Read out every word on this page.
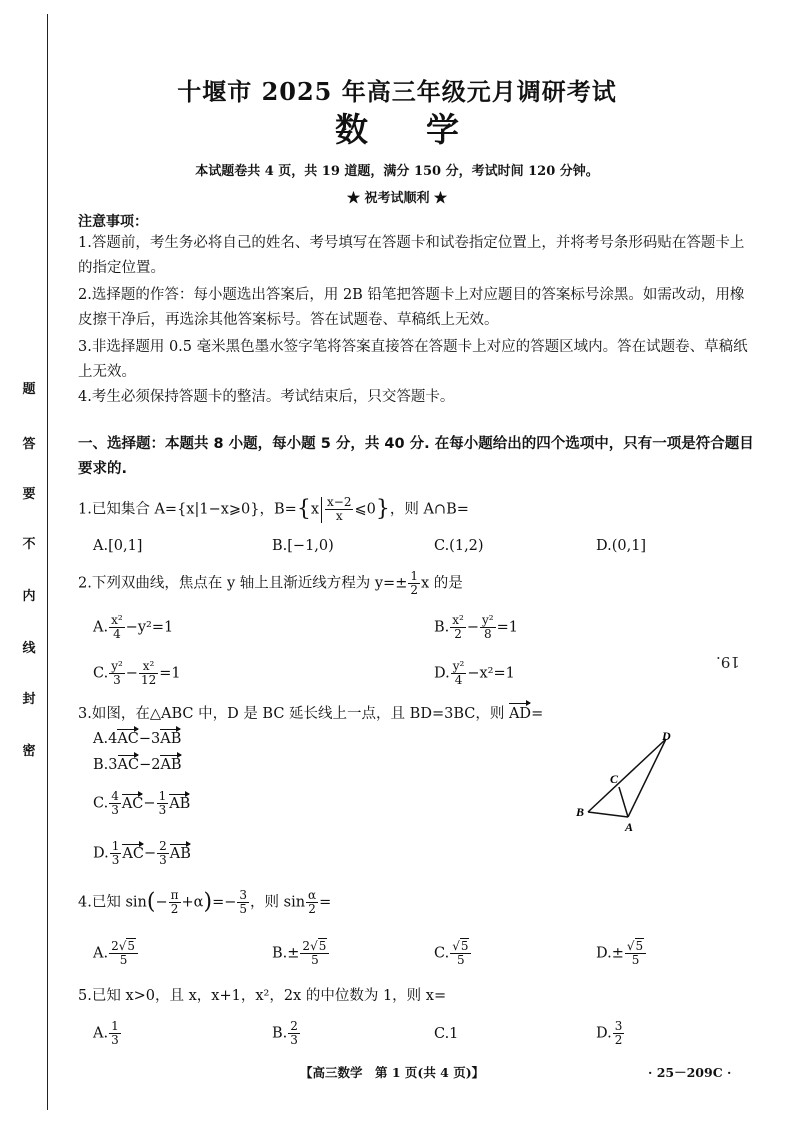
题
答
要
不
内
线
封
密
十堰市 2025 年高三年级元月调研考试
数学
本试题卷共 4 页，共 19 道题，满分 150 分，考试时间 120 分钟。
★ 祝考试顺利 ★
注意事项：
1.答题前，考生务必将自己的姓名、考号填写在答题卡和试卷指定位置上，并将考号条形码贴在答题卡上的指定位置。
2.选择题的作答：每小题选出答案后，用 2B 铅笔把答题卡上对应题目的答案标号涂黑。如需改动，用橡皮擦干净后，再选涂其他答案标号。答在试题卷、草稿纸上无效。
3.非选择题用 0.5 毫米黑色墨水签字笔将答案直接答在答题卡上对应的答题区域内。答在试题卷、草稿纸上无效。
4.考生必须保持答题卡的整洁。考试结束后，只交答题卡。
一、选择题：本题共 8 小题，每小题 5 分，共 40 分. 在每小题给出的四个选项中，只有一项是符合题目要求的.
1.已知集合 A={x|1−x⩾0}，$B=\{x \frac{x-2}{x}$ ⩽0}，则 A∩B=
A.[0,1]	B.[−1,0)	C.(1,2)	D.(0,1]
2.下列双曲线，焦点在 y 轴上且渐近线方程为 $y=\pm \frac{1}{2}$ x 的是
A. $\frac{\text{x²}}{4} -y^2=1$	B. $\frac{\text{x²}}{2} - \frac{\text{y²}}{8} =1$
C. $\frac{\text{y²}}{3} - \frac{\text{x²}}{12} =1$	D. $\frac{\text{y²}}{4} -x^2=1$
19.
3.如图，在△ABC 中，D 是 BC 延长线上一点，且 BD=3BC，则 AD=
A.4AC−3AB
B.3AC−2AB
C. $\frac{4}{3} AC- \frac{1}{3}$ AB
D. $\frac{1}{3} AC- \frac{2}{3}$ AB
D
C
B
A
4.已知 $\sin(- \frac{\pi}{2} +\alpha)=- \frac{3}{5}$ ，则 $\sin \frac{\alpha}{2}$ =
A. $\frac{2√5}{5}$	$B.\pm \frac{2√5}{5}$	C. $\frac{√5}{5}$	$D.\pm \frac{√5}{5}$
5.已知 x>0，且 x，x+1，x²，2x 的中位数为 1，则 x=
A. $\frac{1}{3}$	B. $\frac{2}{3}$	C.1	D. $\frac{3}{2}$
【高三数学　第 1 页(共 4 页)】	· 25－209C ·
